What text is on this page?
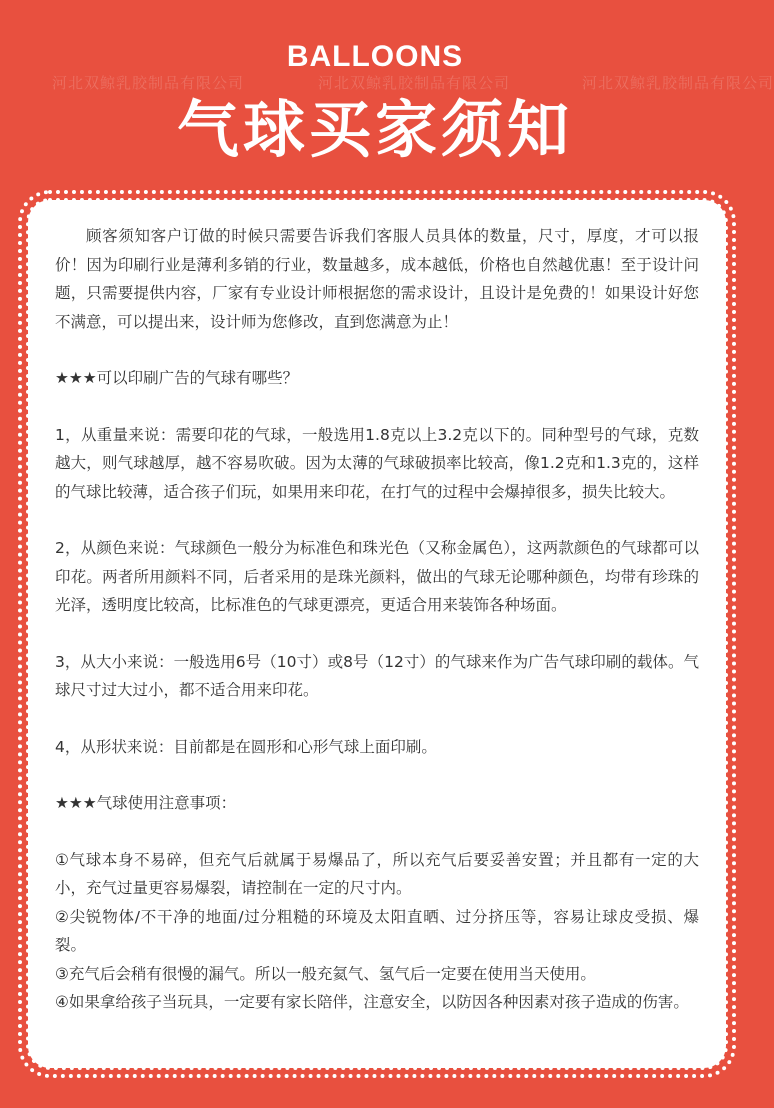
河北双鲸乳胶制品有限公司	河北双鲸乳胶制品有限公司	河北双鲸乳胶制品有限公司
BALLOONS
气球买家须知

顾客须知客户订做的时候只需要告诉我们客服人员具体的数量，尺寸，厚度，才可以报价！因为印刷行业是薄利多销的行业，数量越多，成本越低，价格也自然越优惠！至于设计问题，只需要提供内容，厂家有专业设计师根据您的需求设计，且设计是免费的！如果设计好您不满意，可以提出来，设计师为您修改，直到您满意为止！

★★★可以印刷广告的气球有哪些？

1，从重量来说：需要印花的气球，一般选用1.8克以上3.2克以下的。同种型号的气球，克数越大，则气球越厚，越不容易吹破。因为太薄的气球破损率比较高，像1.2克和1.3克的，这样的气球比较薄，适合孩子们玩，如果用来印花，在打气的过程中会爆掉很多，损失比较大。

2，从颜色来说：气球颜色一般分为标准色和珠光色（又称金属色），这两款颜色的气球都可以印花。两者所用颜料不同，后者采用的是珠光颜料，做出的气球无论哪种颜色，均带有珍珠的光泽，透明度比较高，比标准色的气球更漂亮，更适合用来装饰各种场面。

3，从大小来说：一般选用6号（10寸）或8号（12寸）的气球来作为广告气球印刷的载体。气球尺寸过大过小，都不适合用来印花。

4，从形状来说：目前都是在圆形和心形气球上面印刷。

★★★气球使用注意事项：

①气球本身不易碎，但充气后就属于易爆品了，所以充气后要妥善安置；并且都有一定的大小，充气过量更容易爆裂，请控制在一定的尺寸内。

②尖锐物体/不干净的地面/过分粗糙的环境及太阳直晒、过分挤压等，容易让球皮受损、爆裂。

③充气后会稍有很慢的漏气。所以一般充氦气、氢气后一定要在使用当天使用。

④如果拿给孩子当玩具，一定要有家长陪伴，注意安全，以防因各种因素对孩子造成的伤害。
